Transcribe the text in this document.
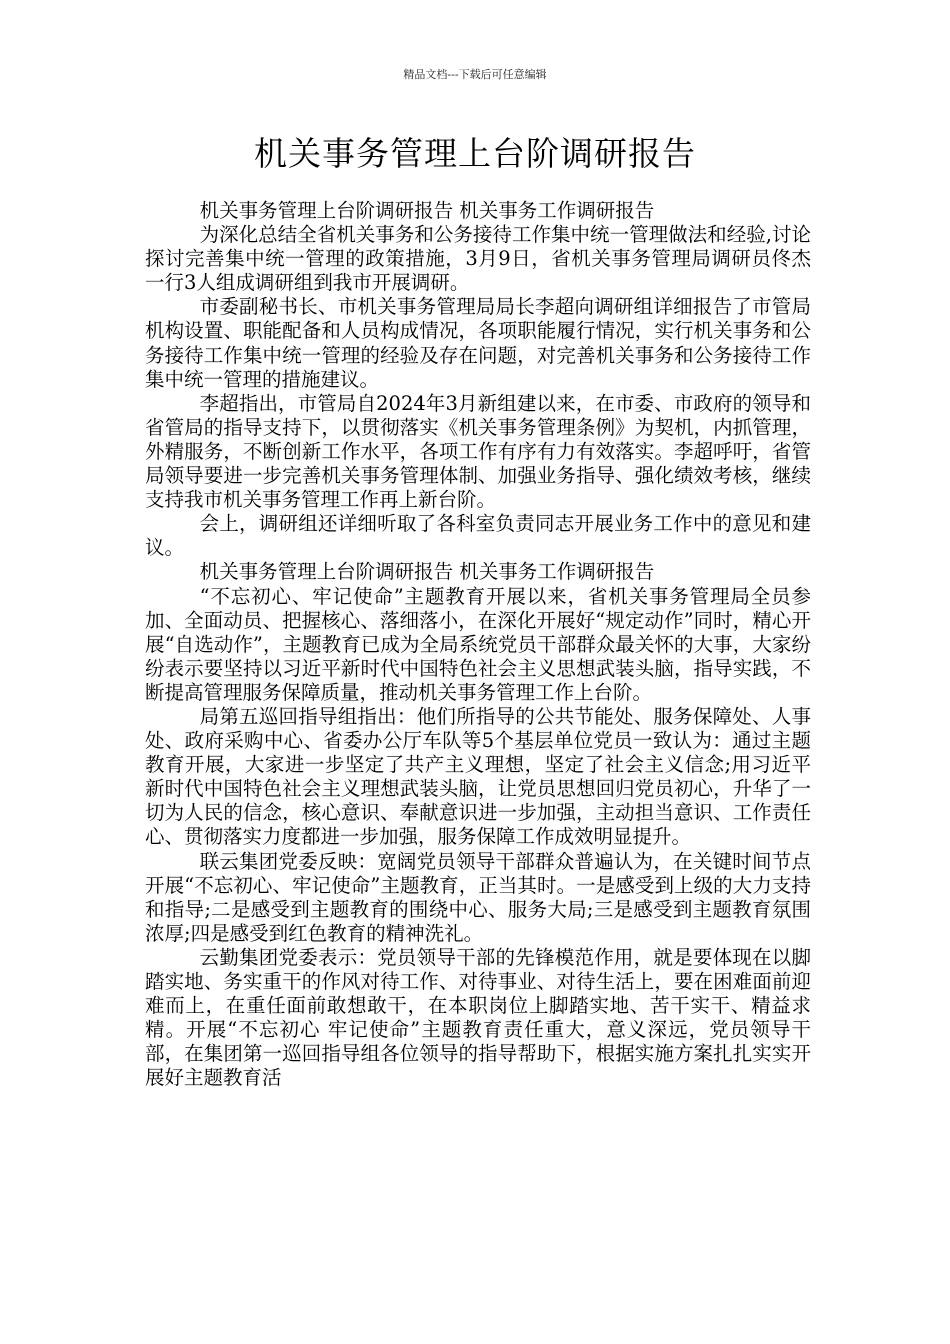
精品文档---下载后可任意编辑
机关事务管理上台阶调研报告

机关事务管理上台阶调研报告 机关事务工作调研报告

为深化总结全省机关事务和公务接待工作集中统一管理做法和经验,讨论探讨完善集中统一管理的政策措施，3月9日，省机关事务管理局调研员佟杰一行3人组成调研组到我市开展调研。

市委副秘书长、市机关事务管理局局长李超向调研组详细报告了市管局机构设置、职能配备和人员构成情况，各项职能履行情况，实行机关事务和公务接待工作集中统一管理的经验及存在问题，对完善机关事务和公务接待工作集中统一管理的措施建议。

李超指出，市管局自2024年3月新组建以来，在市委、市政府的领导和省管局的指导支持下，以贯彻落实《机关事务管理条例》为契机，内抓管理，外精服务，不断创新工作水平，各项工作有序有力有效落实。李超呼吁，省管局领导要进一步完善机关事务管理体制、加强业务指导、强化绩效考核，继续支持我市机关事务管理工作再上新台阶。

会上，调研组还详细听取了各科室负责同志开展业务工作中的意见和建议。

机关事务管理上台阶调研报告 机关事务工作调研报告

“不忘初心、牢记使命”主题教育开展以来，省机关事务管理局全员参加、全面动员、把握核心、落细落小，在深化开展好“规定动作”同时，精心开展“自选动作”，主题教育已成为全局系统党员干部群众最关怀的大事，大家纷纷表示要坚持以习近平新时代中国特色社会主义思想武装头脑，指导实践，不断提高管理服务保障质量，推动机关事务管理工作上台阶。

局第五巡回指导组指出：他们所指导的公共节能处、服务保障处、人事处、政府采购中心、省委办公厅车队等5个基层单位党员一致认为：通过主题教育开展，大家进一步坚定了共产主义理想，坚定了社会主义信念;用习近平新时代中国特色社会主义理想武装头脑，让党员思想回归党员初心，升华了一切为人民的信念，核心意识、奉献意识进一步加强，主动担当意识、工作责任心、贯彻落实力度都进一步加强，服务保障工作成效明显提升。

联云集团党委反映：宽阔党员领导干部群众普遍认为，在关键时间节点开展“不忘初心、牢记使命”主题教育，正当其时。一是感受到上级的大力支持和指导;二是感受到主题教育的围绕中心、服务大局;三是感受到主题教育氛围浓厚;四是感受到红色教育的精神洗礼。

云勤集团党委表示：党员领导干部的先锋模范作用，就是要体现在以脚踏实地、务实重干的作风对待工作、对待事业、对待生活上，要在困难面前迎难而上，在重任面前敢想敢干，在本职岗位上脚踏实地、苦干实干、精益求精。开展“不忘初心 牢记使命”主题教育责任重大，意义深远，党员领导干部，在集团第一巡回指导组各位领导的指导帮助下，根据实施方案扎扎实实开展好主题教育活
